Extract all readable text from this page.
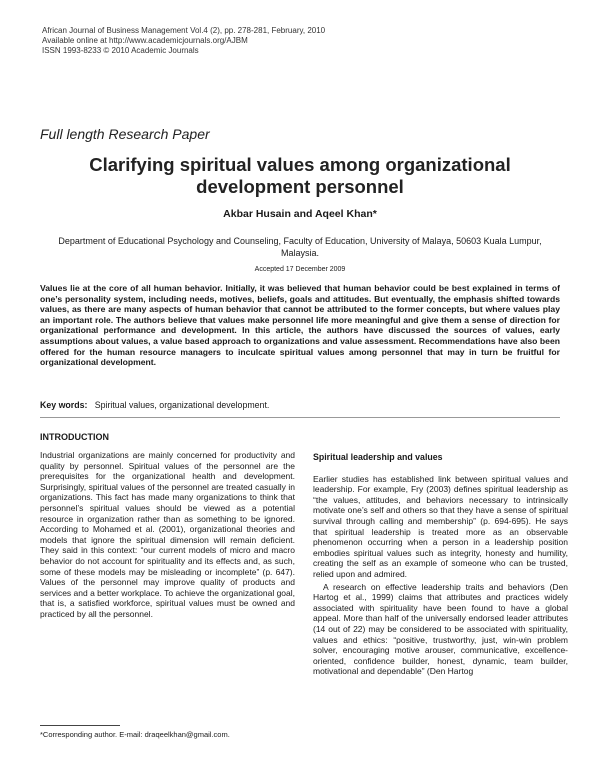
African Journal of Business Management Vol.4 (2), pp. 278-281, February, 2010
Available online at http://www.academicjournals.org/AJBM
ISSN 1993-8233 © 2010 Academic Journals
Full length Research Paper
Clarifying spiritual values among organizational development personnel
Akbar Husain and Aqeel Khan*
Department of Educational Psychology and Counseling, Faculty of Education, University of Malaya, 50603 Kuala Lumpur, Malaysia.
Accepted 17 December 2009
Values lie at the core of all human behavior. Initially, it was believed that human behavior could be best explained in terms of one’s personality system, including needs, motives, beliefs, goals and attitudes. But eventually, the emphasis shifted towards values, as there are many aspects of human behavior that cannot be attributed to the former concepts, but where values play an important role. The authors believe that values make personnel life more meaningful and give them a sense of direction for organizational performance and development. In this article, the authors have discussed the sources of values, early assumptions about values, a value based approach to organizations and value assessment. Recommendations have also been offered for the human resource managers to inculcate spiritual values among personnel that may in turn be fruitful for organizational development.
Key words: Spiritual values, organizational development.
INTRODUCTION

Industrial organizations are mainly concerned for productivity and quality by personnel. Spiritual values of the personnel are the prerequisites for the organizational health and development. Surprisingly, spiritual values of the personnel are treated casually in organizations. This fact has made many organizations to think that personnel’s spiritual values should be viewed as a potential resource in organization rather than as something to be ignored. According to Mohamed et al. (2001), organizational theories and models that ignore the spiritual dimension will remain deficient. They said in this context: “our current models of micro and macro behavior do not account for spirituality and its effects and, as such, some of these models may be misleading or incomplete” (p. 647). Values of the personnel may improve quality of products and services and a better workplace. To achieve the organizational goal, that is, a satisfied workforce, spiritual values must be owned and practiced by all the personnel.

Spiritual leadership and values

Earlier studies has established link between spiritual values and leadership. For example, Fry (2003) defines spiritual leadership as “the values, attitudes, and behaviors necessary to intrinsically motivate one’s self and others so that they have a sense of spiritual survival through calling and membership” (p. 694-695). He says that spiritual leadership is treated more as an observable phenomenon occurring when a person in a leadership position embodies spiritual values such as integrity, honesty and humility, creating the self as an example of someone who can be trusted, relied upon and admired.

A research on effective leadership traits and behaviors (Den Hartog et al., 1999) claims that attributes and practices widely associated with spirituality have been found to have a global appeal. More than half of the universally endorsed leader attributes (14 out of 22) may be considered to be associated with spirituality, values and ethics: “positive, trustworthy, just, win-win problem solver, encouraging motive arouser, communicative, excellence-oriented, confidence builder, honest, dynamic, team builder, motivational and dependable” (Den Hartog

*Corresponding author. E-mail: draqeelkhan@gmail.com.
